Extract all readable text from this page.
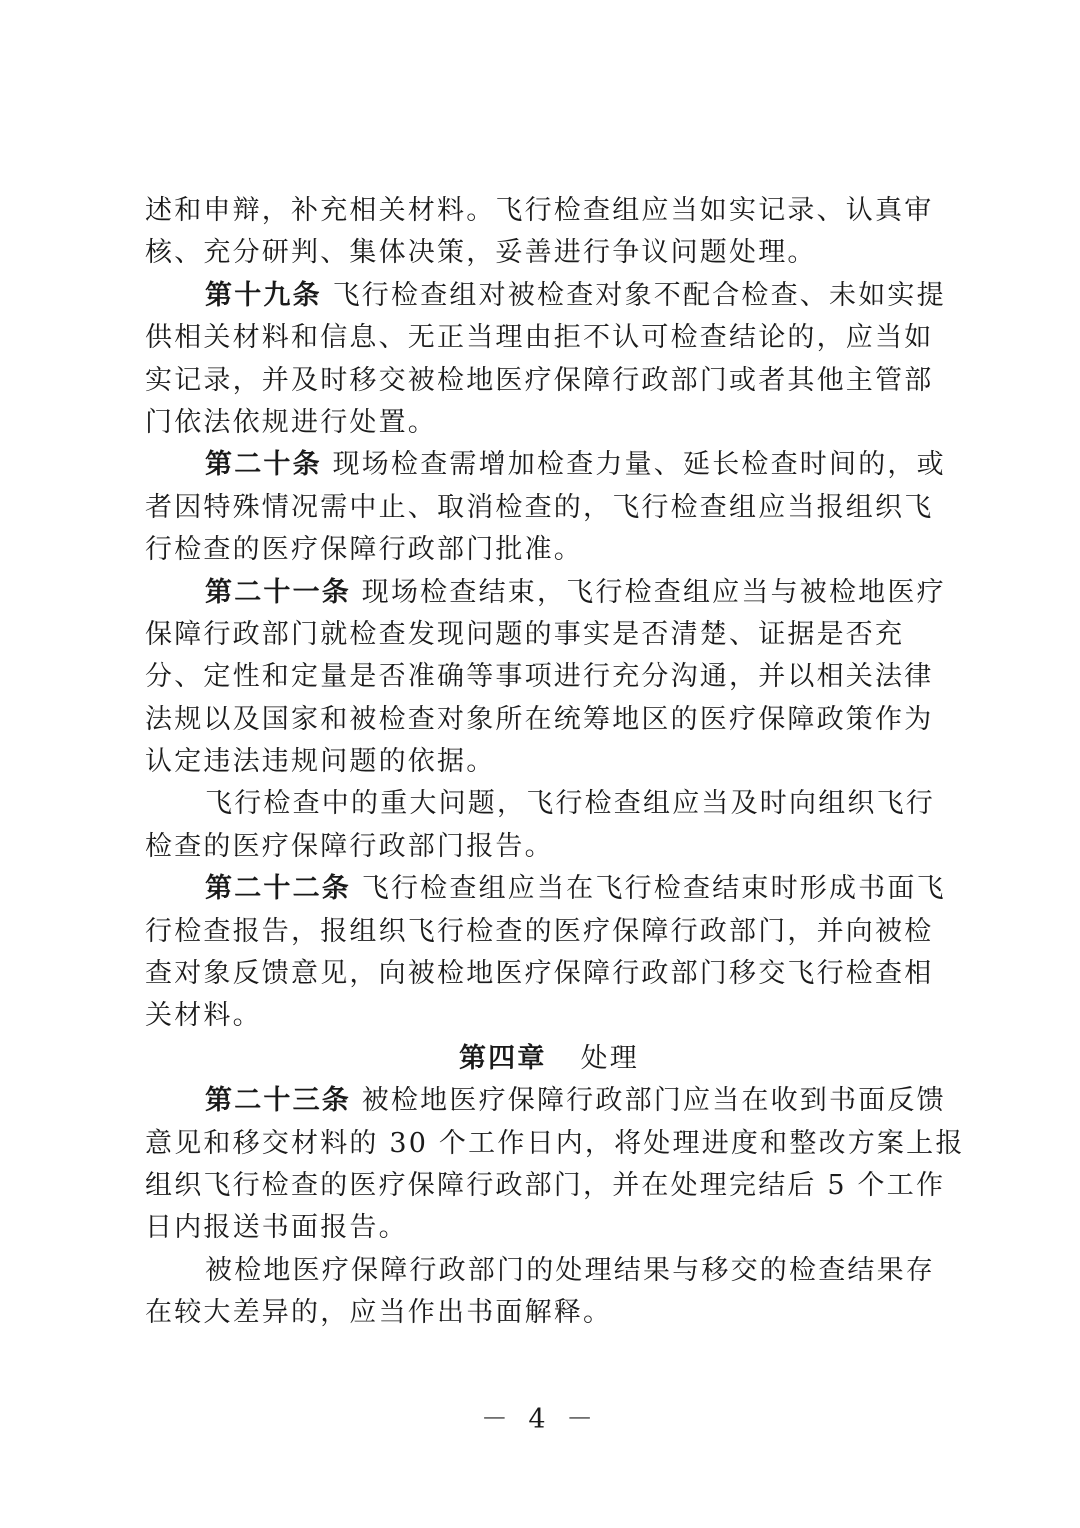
述和申辩，补充相关材料。飞行检查组应当如实记录、认真审
核、充分研判、集体决策，妥善进行争议问题处理。
第十九条 飞行检查组对被检查对象不配合检查、未如实提
供相关材料和信息、无正当理由拒不认可检查结论的，应当如
实记录，并及时移交被检地医疗保障行政部门或者其他主管部
门依法依规进行处置。
第二十条 现场检查需增加检查力量、延长检查时间的，或
者因特殊情况需中止、取消检查的，飞行检查组应当报组织飞
行检查的医疗保障行政部门批准。
第二十一条 现场检查结束，飞行检查组应当与被检地医疗
保障行政部门就检查发现问题的事实是否清楚、证据是否充
分、定性和定量是否准确等事项进行充分沟通，并以相关法律
法规以及国家和被检查对象所在统筹地区的医疗保障政策作为
认定违法违规问题的依据。
飞行检查中的重大问题，飞行检查组应当及时向组织飞行
检查的医疗保障行政部门报告。
第二十二条 飞行检查组应当在飞行检查结束时形成书面飞
行检查报告，报组织飞行检查的医疗保障行政部门，并向被检
查对象反馈意见，向被检地医疗保障行政部门移交飞行检查相
关材料。
第四章 处理
第二十三条 被检地医疗保障行政部门应当在收到书面反馈
意见和移交材料的 30 个工作日内，将处理进度和整改方案上报
组织飞行检查的医疗保障行政部门，并在处理完结后 5 个工作
日内报送书面报告。
被检地医疗保障行政部门的处理结果与移交的检查结果存
在较大差异的，应当作出书面解释。
－ 4 －
